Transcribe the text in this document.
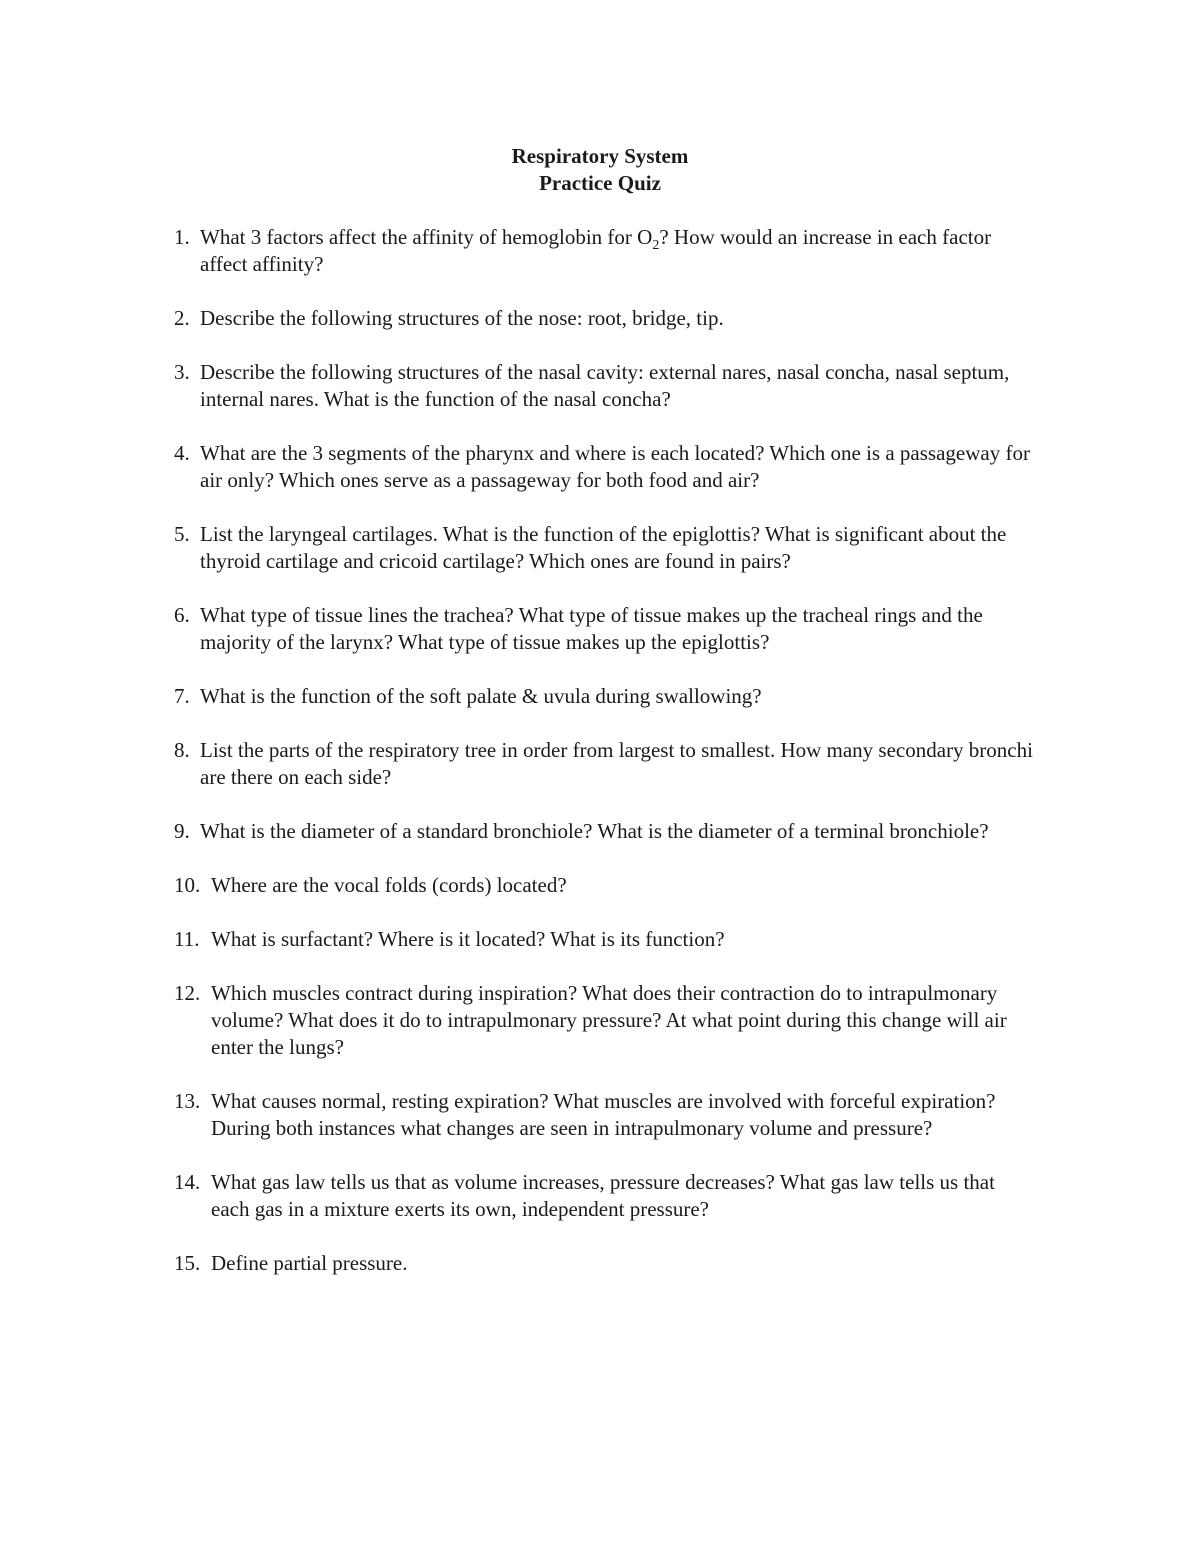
Respiratory System
Practice Quiz
1. What 3 factors affect the affinity of hemoglobin for $O_2$? How would an increase in each factor affect affinity?
2. Describe the following structures of the nose: root, bridge, tip.
3. Describe the following structures of the nasal cavity: external nares, nasal concha, nasal septum, internal nares. What is the function of the nasal concha?
4. What are the 3 segments of the pharynx and where is each located? Which one is a passageway for air only? Which ones serve as a passageway for both food and air?
5. List the laryngeal cartilages. What is the function of the epiglottis? What is significant about the thyroid cartilage and cricoid cartilage? Which ones are found in pairs?
6. What type of tissue lines the trachea? What type of tissue makes up the tracheal rings and the majority of the larynx? What type of tissue makes up the epiglottis?
7. What is the function of the soft palate & uvula during swallowing?
8. List the parts of the respiratory tree in order from largest to smallest. How many secondary bronchi are there on each side?
9. What is the diameter of a standard bronchiole? What is the diameter of a terminal bronchiole?
10. Where are the vocal folds (cords) located?
11. What is surfactant? Where is it located? What is its function?
12. Which muscles contract during inspiration? What does their contraction do to intrapulmonary volume? What does it do to intrapulmonary pressure? At what point during this change will air enter the lungs?
13. What causes normal, resting expiration? What muscles are involved with forceful expiration? During both instances what changes are seen in intrapulmonary volume and pressure?
14. What gas law tells us that as volume increases, pressure decreases? What gas law tells us that each gas in a mixture exerts its own, independent pressure?
15. Define partial pressure.
